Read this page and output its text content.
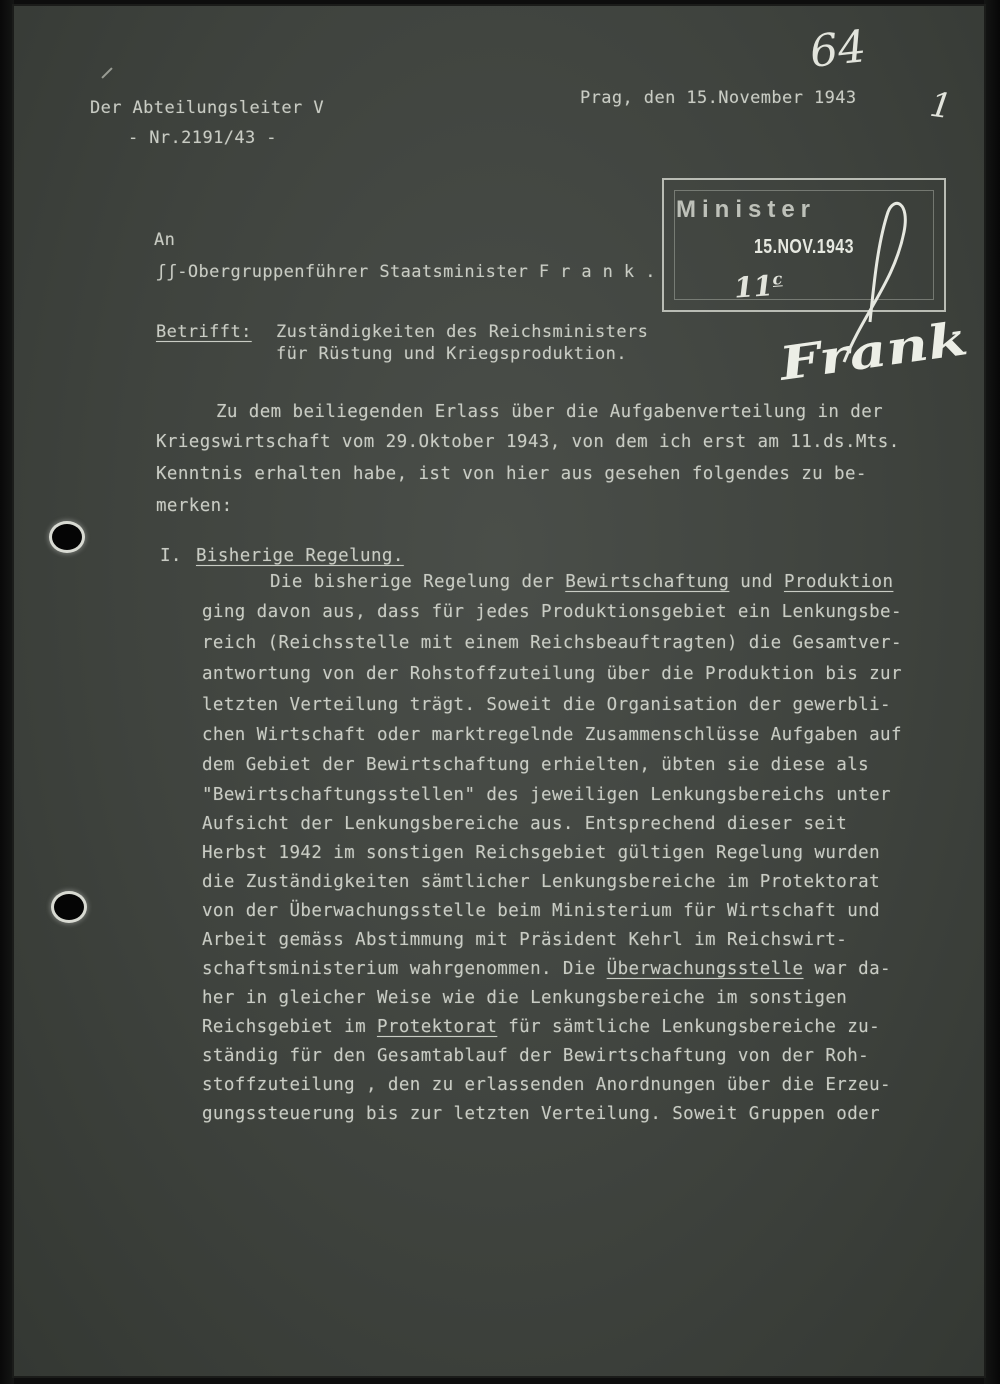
64
1
Der Abteilungsleiter V
- Nr.2191/43 -
Prag, den 15.November 1943
Minister
15.NOV.1943
11$^c$
An
ʃʃ-Obergruppenführer Staatsminister F r a n k .
Betrifft: Zuständigkeiten des Reichsministers
für Rüstung und Kriegsproduktion.	Frank
Zu dem beiliegenden Erlass über die Aufgabenverteilung in der
Kriegswirtschaft vom 29.Oktober 1943, von dem ich erst am 11.ds.Mts.
Kenntnis erhalten habe, ist von hier aus gesehen folgendes zu be-
merken:
I. Bisherige Regelung.
Die bisherige Regelung der Bewirtschaftung und Produktion
ging davon aus, dass für jedes Produktionsgebiet ein Lenkungsbe-
reich (Reichsstelle mit einem Reichsbeauftragten) die Gesamtver-
antwortung von der Rohstoffzuteilung über die Produktion bis zur
letzten Verteilung trägt. Soweit die Organisation der gewerbli-
chen Wirtschaft oder marktregelnde Zusammenschlüsse Aufgaben auf
dem Gebiet der Bewirtschaftung erhielten, übten sie diese als
"Bewirtschaftungsstellen" des jeweiligen Lenkungsbereichs unter
Aufsicht der Lenkungsbereiche aus. Entsprechend dieser seit
Herbst 1942 im sonstigen Reichsgebiet gültigen Regelung wurden
die Zuständigkeiten sämtlicher Lenkungsbereiche im Protektorat
von der Überwachungsstelle beim Ministerium für Wirtschaft und
Arbeit gemäss Abstimmung mit Präsident Kehrl im Reichswirt-
schaftsministerium wahrgenommen. Die Überwachungsstelle war da-
her in gleicher Weise wie die Lenkungsbereiche im sonstigen
Reichsgebiet im Protektorat für sämtliche Lenkungsbereiche zu-
ständig für den Gesamtablauf der Bewirtschaftung von der Roh-
stoffzuteilung , den zu erlassenden Anordnungen über die Erzeu-
gungssteuerung bis zur letzten Verteilung. Soweit Gruppen oder
